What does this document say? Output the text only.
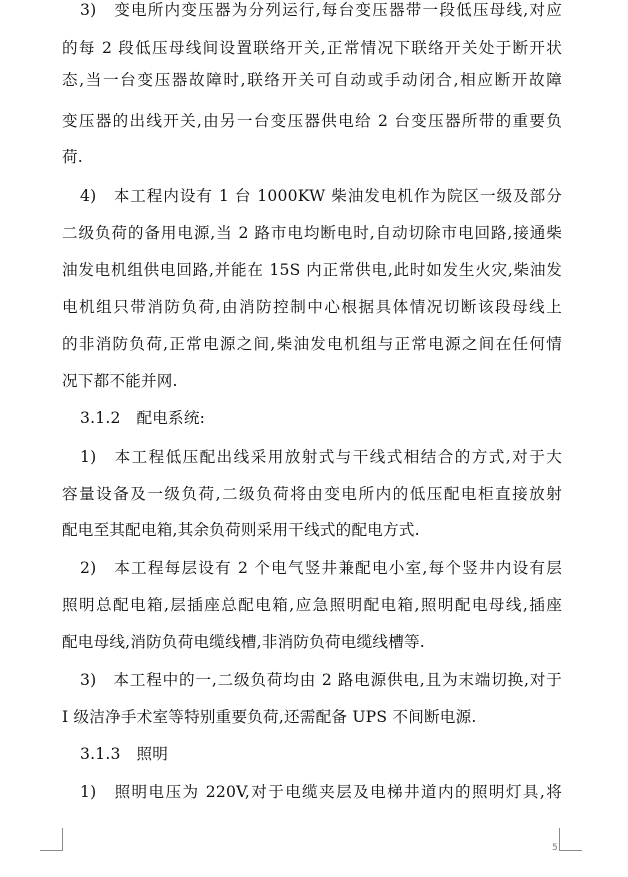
3)　变电所内变压器为分列运行,每台变压器带一段低压母线,对应
的每 2 段低压母线间设置联络开关,正常情况下联络开关处于断开状
态,当一台变压器故障时,联络开关可自动或手动闭合,相应断开故障
变压器的出线开关,由另一台变压器供电给 2 台变压器所带的重要负
荷.
4)　本工程内设有 1 台 1000KW 柴油发电机作为院区一级及部分
二级负荷的备用电源,当 2 路市电均断电时,自动切除市电回路,接通柴
油发电机组供电回路,并能在 15S 内正常供电,此时如发生火灾,柴油发
电机组只带消防负荷,由消防控制中心根据具体情况切断该段母线上
的非消防负荷,正常电源之间,柴油发电机组与正常电源之间在任何情
况下都不能并网.
3.1.2　配电系统:
1)　本工程低压配出线采用放射式与干线式相结合的方式,对于大
容量设备及一级负荷,二级负荷将由变电所内的低压配电柜直接放射
配电至其配电箱,其余负荷则采用干线式的配电方式.
2)　本工程每层设有 2 个电气竖井兼配电小室,每个竖井内设有层
照明总配电箱,层插座总配电箱,应急照明配电箱,照明配电母线,插座
配电母线,消防负荷电缆线槽,非消防负荷电缆线槽等.
3)　本工程中的一,二级负荷均由 2 路电源供电,且为末端切换,对于
I 级洁净手术室等特别重要负荷,还需配备 UPS 不间断电源.
3.1.3　照明
1)　照明电压为 220V,对于电缆夹层及电梯井道内的照明灯具,将
5
